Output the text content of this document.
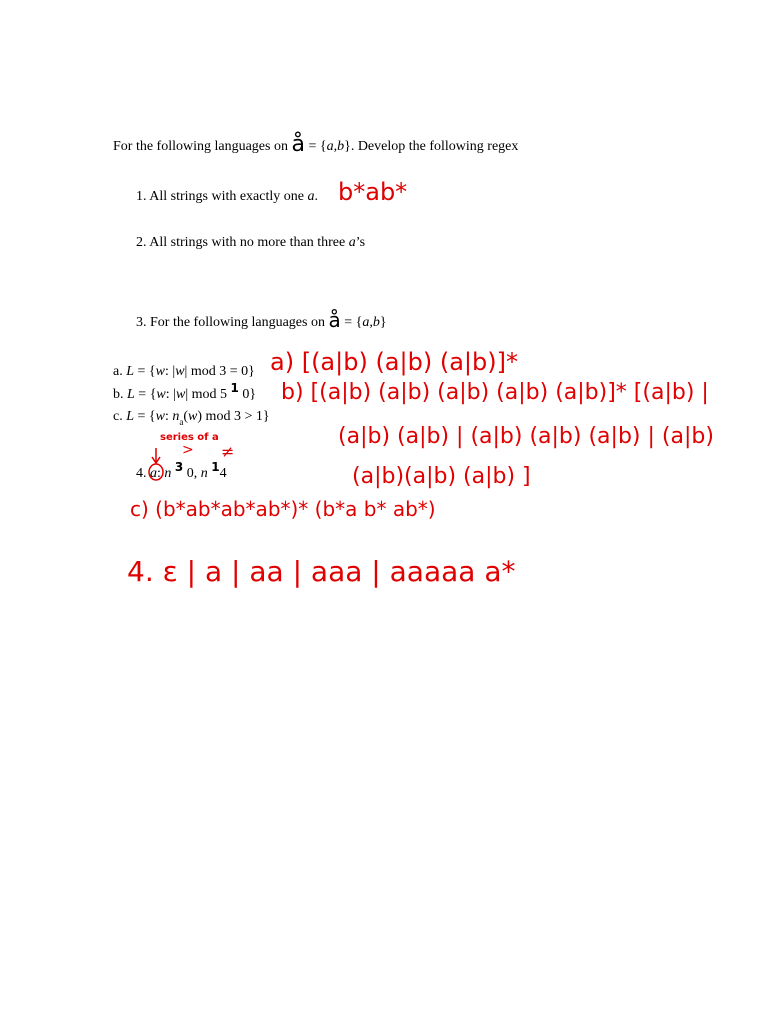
For the following languages on å = {a,b}. Develop the following regex
1. All strings with exactly one a.
2. All strings with no more than three a’s
3. For the following languages on å = {a,b}
a. L = {w: |w| mod 3 = 0}
b. L = {w: |w| mod 5 1 0}
c. L = {w: $n_a(w)$ mod 3 > 1}
4. a: n 3 0, n 14
b*ab*
series of a
> ≠
a) [(a|b) (a|b) (a|b)]*
b) [(a|b) (a|b) (a|b) (a|b) (a|b)]* [(a|b) |
(a|b) (a|b) | (a|b) (a|b) (a|b) | (a|b)
(a|b)(a|b) (a|b) ]
c) (b*ab*ab*ab*)* (b*a b* ab*)
4. ε | a | aa | aaa | aaaaa a*
